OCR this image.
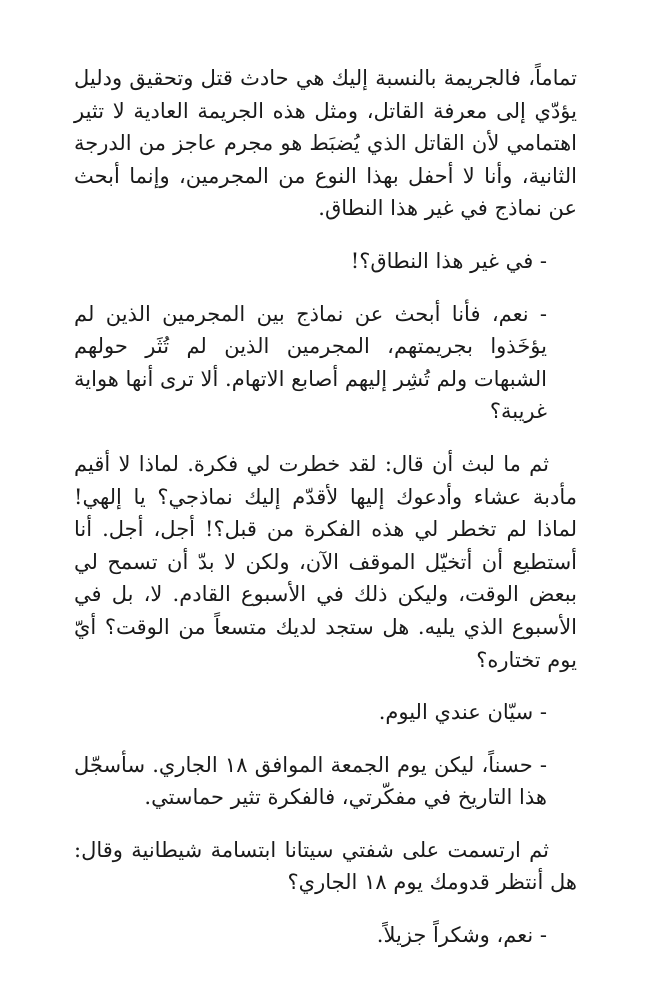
تماماً، فالجريمة بالنسبة إليك هي حادث قتل وتحقيق ودليل يؤدّي إلى معرفة القاتل، ومثل هذه الجريمة العادية لا تثير اهتمامي لأن القاتل الذي يُضبَط هو مجرم عاجز من الدرجة الثانية، وأنا لا أحفل بهذا النوع من المجرمين، وإنما أبحث عن نماذج في غير هذا النطاق.

- في غير هذا النطاق؟!

- نعم، فأنا أبحث عن نماذج بين المجرمين الذين لم يؤخَذوا بجريمتهم، المجرمين الذين لم تُثَر حولهم الشبهات ولم تُشِر إليهم أصابع الاتهام. ألا ترى أنها هواية غريبة؟

ثم ما لبث أن قال: لقد خطرت لي فكرة. لماذا لا أقيم مأدبة عشاء وأدعوك إليها لأقدّم إليك نماذجي؟ يا إلهي! لماذا لم تخطر لي هذه الفكرة من قبل؟! أجل، أجل. أنا أستطيع أن أتخيّل الموقف الآن، ولكن لا بدّ أن تسمح لي ببعض الوقت، وليكن ذلك في الأسبوع القادم. لا، بل في الأسبوع الذي يليه. هل ستجد لديك متسعاً من الوقت؟ أيّ يوم تختاره؟

- سيّان عندي اليوم.

- حسناً، ليكن يوم الجمعة الموافق ١٨ الجاري. سأسجّل هذا التاريخ في مفكّرتي، فالفكرة تثير حماستي.

ثم ارتسمت على شفتي سيتانا ابتسامة شيطانية وقال: هل أنتظر قدومك يوم ١٨ الجاري؟

- نعم، وشكراً جزيلاً.
